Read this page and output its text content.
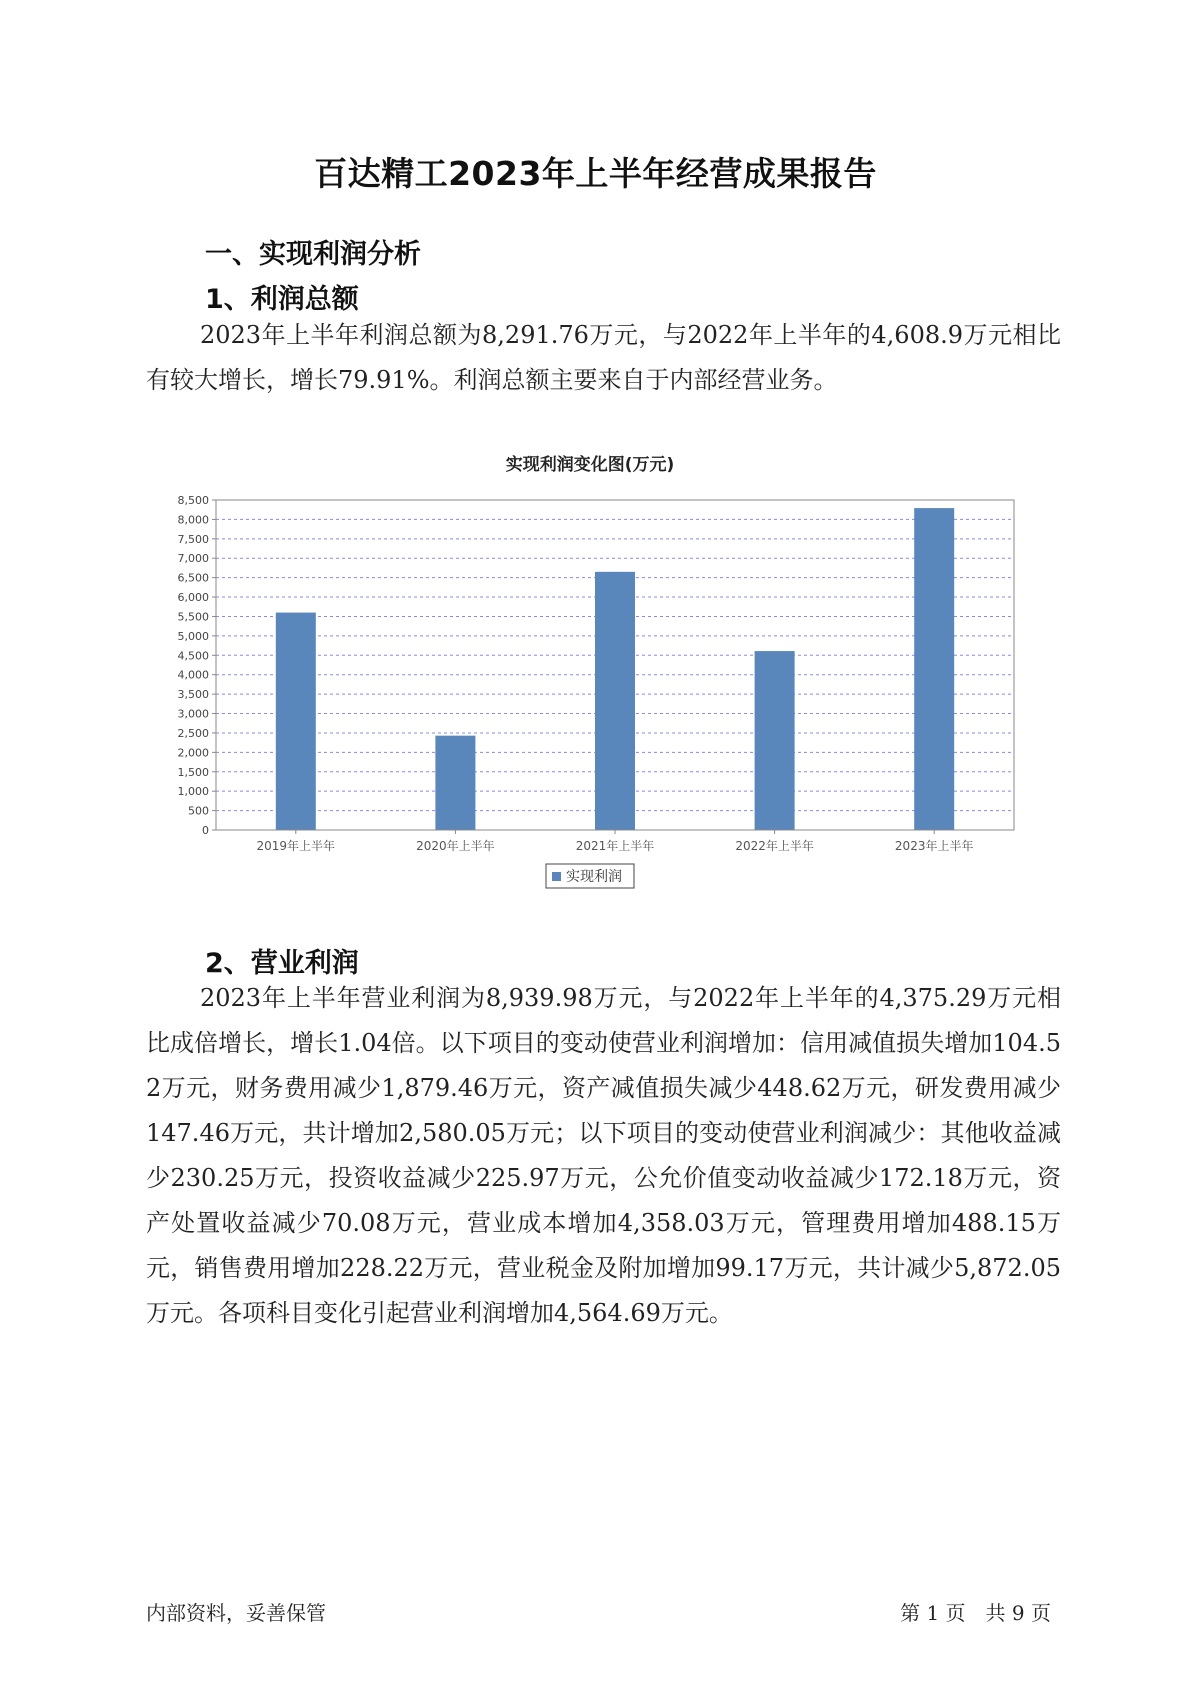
百达精工2023年上半年经营成果报告
一、实现利润分析
1、利润总额
2023年上半年利润总额为8,291.76万元，与2022年上半年的4,608.9万元相比有较大增长，增长79.91%。利润总额主要来自于内部经营业务。
实现利润变化图(万元)
0
500
1,000
1,500
2,000
2,500
3,000
3,500
4,000
4,500
5,000
5,500
6,000
6,500
7,000
7,500
8,000
8,500
2019年上半年	2020年上半年	2021年上半年	2022年上半年	2023年上半年
实现利润
2、营业利润
2023年上半年营业利润为8,939.98万元，与2022年上半年的4,375.29万元相比成倍增长，增长1.04倍。以下项目的变动使营业利润增加：信用减值损失增加104.52万元，财务费用减少1,879.46万元，资产减值损失减少448.62万元，研发费用减少147.46万元，共计增加2,580.05万元；以下项目的变动使营业利润减少：其他收益减少230.25万元，投资收益减少225.97万元，公允价值变动收益减少172.18万元，资产处置收益减少70.08万元，营业成本增加4,358.03万元，管理费用增加488.15万元，销售费用增加228.22万元，营业税金及附加增加99.17万元，共计减少5,872.05万元。各项科目变化引起营业利润增加4,564.69万元。
内部资料，妥善保管	第 1 页　共 9 页
